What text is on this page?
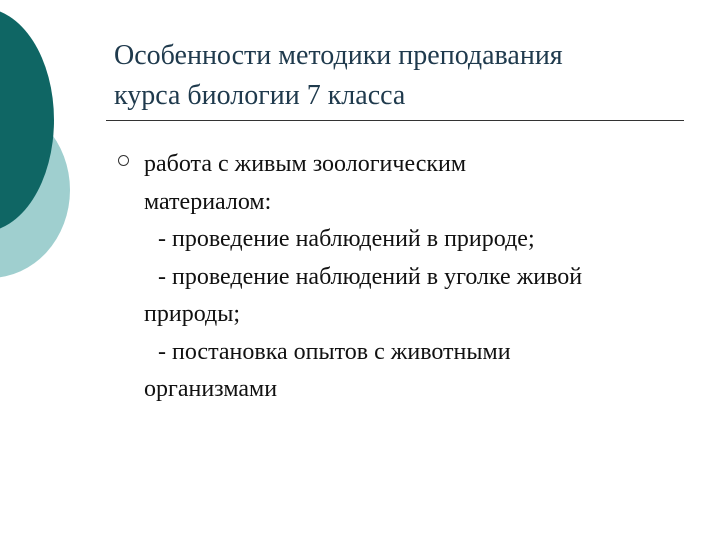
Особенности методики преподавания
курса биологии 7 класса
работа с живым зоологическим
материалом:
- проведение наблюдений в природе;
- проведение наблюдений в уголке живой
природы;
- постановка опытов с животными
организмами
